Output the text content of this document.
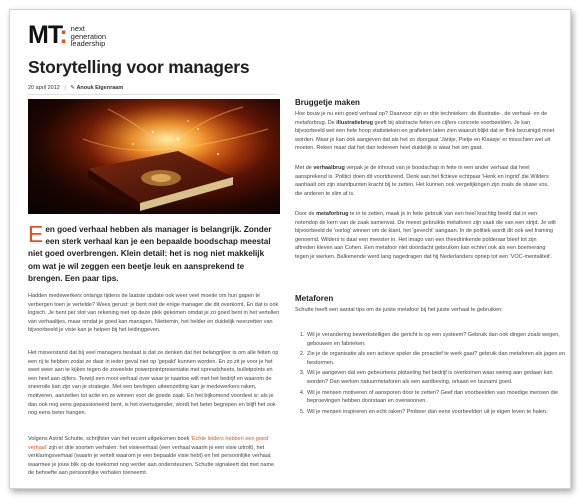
MT: next
generation
leadership
Storytelling voor managers
20 april 2012 | ✎ Anouk Eigenraam
Een goed verhaal hebben als manager is belangrijk. Zonder een sterk verhaal kan je een bepaalde boodschap meestal niet goed overbrengen. Klein detail: het is nog niet makkelijk om wat je wil zeggen een beetje leuk en aansprekend te brengen. Een paar tips.

Hadden medewerkers onlangs tijdens de laatste update ook weer veel moeite om hun gapen te verbergen toen je vertelde? Wees gerust: je bent niet de enige manager die dit overkomt. En dat is ook logisch. Je bent per slot van rekening niet op deze plek gekomen omdat je zo goed bent in het vertellen van verhaaltjes, maar omdat je goed kan managen. Niettemin, het helder en duidelijk neerzetten van bijvoorbeeld je visie kan je helpen bij het leidinggeven.

Het misverstand dat bij veel managers bestaat is dat ze denken dat het belangrijker is om alle feiten op een rij te hebben zodat ze daar in ieder geval niet op 'gepakt' kunnen worden. En zo zit je voor je het weet weer aan te kijken tegen de zoveelste powerpointpresentatie met spreadsheets, bulletpoints en een heel aan cijfers. Terwijl een mooi verhaal over waar je naartoe wilt met het bedrijf en waarom de sneeroile kan zijn van je strategie. Met een bevlogen uiteenzetting kan je medewerkers raken, motiveren, aanzetten tot actie en ze winnen voor de goede zaak. En het bijkomend voordeel is: als je dan ook nog eens gepassioneerd bent, is het overtuigender, wordt het beter begrepen en blijft het ook nog eens beter hangen.

Volgens Astrid Schutte, schrijfster van het recent uitgekomen boek 'Echte leiders hebben een goed verhaal' zijn er drie soorten verhalen: het visieverhaal (een verhaal waarin je een visie uitrolt), het verklaringsverhaal (waarin je vertelt waarom je een bepaalde visie hebt) en het persoonlijke verhaal, waarmee je jouw blik op de toekomst nog verder aan ondersteunen. Schutte signaleert dat met name de behoefte aan persoonlijke verhalen toeneemt.

Bruggetje maken

Hoe bouw je nu een goed verhaal op? Daarvoor zijn er drie technieken: de illustratie-, de verhaal- en de metaforbrug. De illustratiebrug geeft bij abstracte feiten en cijfers concrete voorbeelden. Je kan bijvoorbeeld wel een hele hoop statistieken en grafieken laten zien waaruit blijkt dat er flink bezuinigd moet worden. Maar je kan ook aangeven dat als het zo doorgaat 'Jantje, Pietje en Klaasje' er misschien wel uit moeten. Reken maar dat het dan iedereen heel duidelijk is waar het om gaat.

Met de verhaalbrug verpak je de inhoud van je boodschap in feite in een ander verhaal dat heel aansprekend is. Politici doen dit voortdurend. Denk aan het fictieve echtpaar 'Henk en Ingrid' die Wilders aanhaalt om zijn standpunten kracht bij te zetten. Het kunnen ook vergelijkingen zijn zoals de sluwe vos, die anderen te slim af is.

Door de metaforbrug te in te zetten, maak je in feite gebruik van een heel krachtig beeld dat in een notendop de kern van de zaak samenvat. De meest gebruikte metaforen zijn vaak die van een strijd. Je wilt bijvoorbeeld de 'oorlog' winnen om de klant, het 'gevecht' aangaan. In de politiek wordt dit ook wel framing genoemd. Wilders is daar een meester in. Het imago van een theedrinkende polderaar bleef tot zijn aftreden kleven aan Cohen. Een metafoor niet doordacht gebruiken kan echter ook als een boemerang tegen je werken. Balkenende werd lang nagedragen dat hij Nederlanders opriep tot een 'VOC-mentaliteit'.

Metaforen

Schutte heeft een aantal tips om de juiste metafoor bij het juiste verhaal te gebruiken:

1. Wil je verandering bewerkstelligen die gericht is op een systeem? Gebruik dan ook dingen zoals wegen, gebouwen en fabrieken.
2. Zie je de organisatie als een actieve speler die proactief te werk gaat? gebruik dan metaforen als jagen en bestormen.
3. Wil je aangeven dat een gebeurtenis plotseling het bedrijf is overkomen waar weinig aan gedaan kan worden? Dan werken natuurmetaforen als een aardbeving, orkaan en tsunami goed.
4. Wil je mensen motiveren of aansporen door te zetten? Geef dan voorbeelden van moedige mensen die beproevingen hebben doorstaan en overwonnen.
5. Wil je mensen inspireren en echt raken? Probeer dan eens voorbeelden uit je eigen leven te halen.
